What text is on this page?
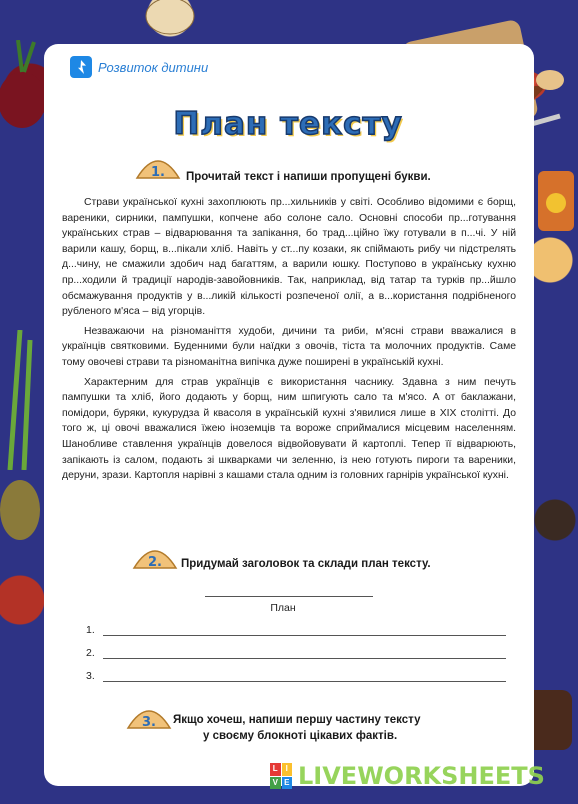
Розвиток дитини
План тексту
1. Прочитай текст і напиши пропущені букви.

Страви української кухні захоплюють пр...хильників у світі. Особливо відомими є борщ, вареники, сирники, пампушки, копчене або солоне сало. Основні способи пр...готування українських страв – відварювання та запікання, бо трад...ційно їжу готували в п...чі. У ній варили кашу, борщ, в...пікали хліб. Навіть у ст...пу козаки, як спіймають рибу чи підстрелять д...чину, не смажили здобич над багаттям, а варили юшку. Поступово в українську кухню пр...ходили й традиції народів-завойовників. Так, наприклад, від татар та турків пр...йшло обсмажування продуктів у в...ликій кількості розпеченої олії, а в...користання подрібненого рубленого м'яса – від угорців.

Незважаючи на різноманіття худоби, дичини та риби, м'ясні страви вважалися в українців святковими. Буденними були наїдки з овочів, тіста та молочних продуктів. Саме тому овочеві страви та різноманітна випічка дуже поширені в українській кухні.

Характерним для страв українців є використання часнику. Здавна з ним печуть пампушки та хліб, його додають у борщ, ним шпигують сало та м'ясо. А от баклажани, помідори, буряки, кукурудза й квасоля в українській кухні з'явилися лише в XIX столітті. До того ж, ці овочі вважалися їжею іноземців та вороже сприймалися місцевим населенням. Шанобливе ставлення українців довелося відвойовувати й картоплі. Тепер її відварюють, запікають із салом, подають зі шкварками чи зеленню, із нею готують пироги та вареники, деруни, зрази. Картопля нарівні з кашами стала одним із головних гарнірів української кухні.

2. Придумай заголовок та склади план тексту.
План
1.
2.
3.
3. Якщо хочеш, напиши першу частину тексту
у своєму блокноті цікавих фактів.
Copyright childdevelop.com.ua
Комерційне використання та тиражування заборонено.
L I
V E LIVEWORKSHEETS
